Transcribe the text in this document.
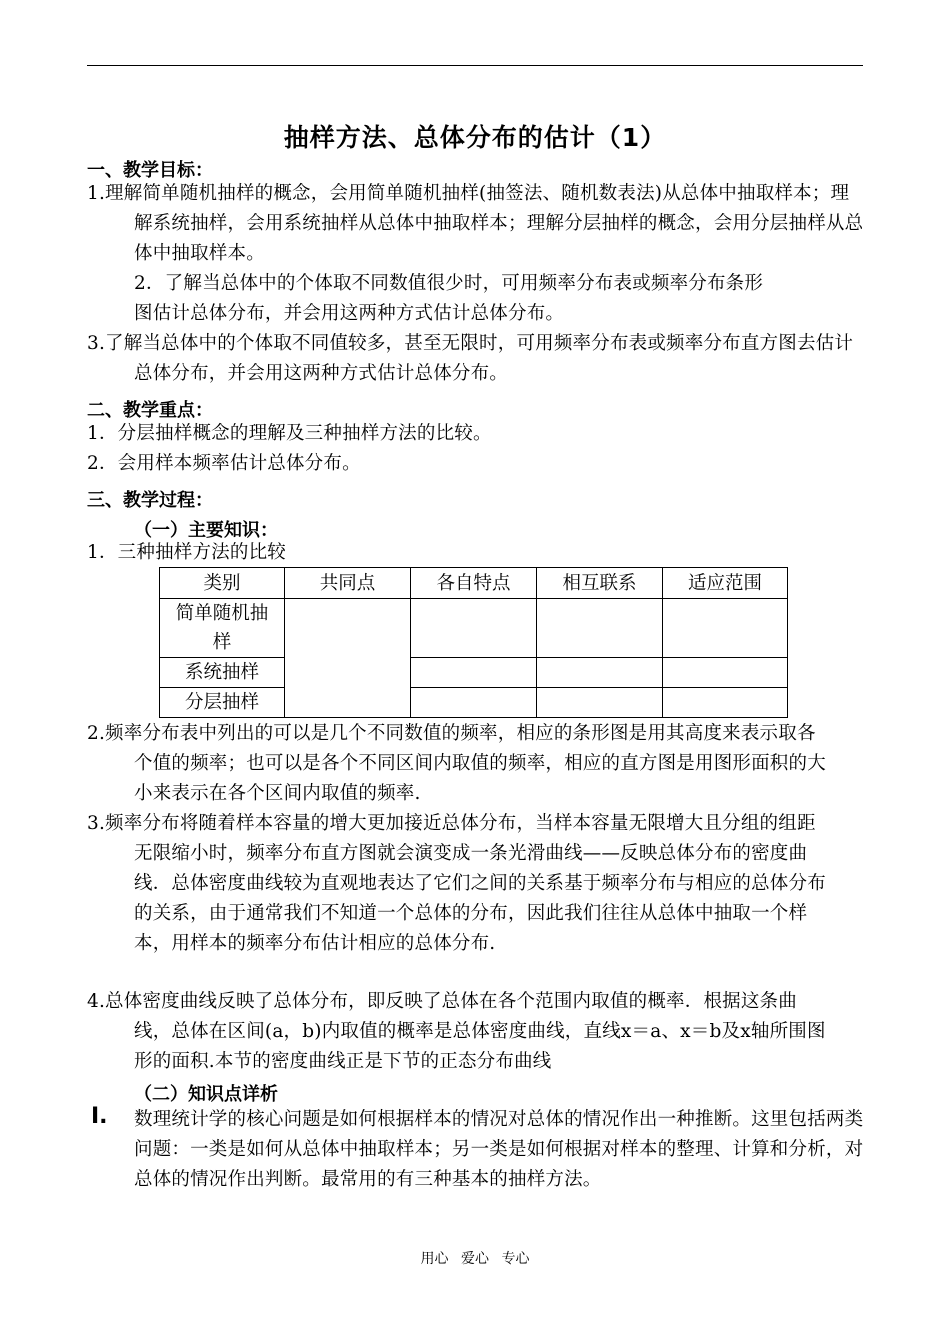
抽样方法、总体分布的估计（1）
一、教学目标：
1.理解简单随机抽样的概念，会用简单随机抽样(抽签法、随机数表法)从总体中抽取样本；理解系统抽样，会用系统抽样从总体中抽取样本；理解分层抽样的概念，会用分层抽样从总体中抽取样本。
2．了解当总体中的个体取不同数值很少时，可用频率分布表或频率分布条形
图估计总体分布，并会用这两种方式估计总体分布。
3.了解当总体中的个体取不同值较多，甚至无限时，可用频率分布表或频率分布直方图去估计总体分布，并会用这两种方式估计总体分布。
二、教学重点：
1．分层抽样概念的理解及三种抽样方法的比较。
2．会用样本频率估计总体分布。
三、教学过程：
（一）主要知识：
1．三种抽样方法的比较
类别	共同点	各自特点	相互联系	适应范围
简单随机抽样				
系统抽样				
分层抽样				
2.频率分布表中列出的可以是几个不同数值的频率，相应的条形图是用其高度来表示取各个值的频率；也可以是各个不同区间内取值的频率，相应的直方图是用图形面积的大小来表示在各个区间内取值的频率.
3.频率分布将随着样本容量的增大更加接近总体分布，当样本容量无限增大且分组的组距无限缩小时，频率分布直方图就会演变成一条光滑曲线——反映总体分布的密度曲线．总体密度曲线较为直观地表达了它们之间的关系基于频率分布与相应的总体分布的关系，由于通常我们不知道一个总体的分布，因此我们往往从总体中抽取一个样本，用样本的频率分布估计相应的总体分布.
4.总体密度曲线反映了总体分布，即反映了总体在各个范围内取值的概率．根据这条曲线，总体在区间(a，b)内取值的概率是总体密度曲线，直线x＝a、x＝b及x轴所围图形的面积.本节的密度曲线正是下节的正态分布曲线
（二）知识点详析
Ⅰ. 数理统计学的核心问题是如何根据样本的情况对总体的情况作出一种推断。这里包括两类问题：一类是如何从总体中抽取样本；另一类是如何根据对样本的整理、计算和分析，对总体的情况作出判断。最常用的有三种基本的抽样方法。
用心 爱心 专心
